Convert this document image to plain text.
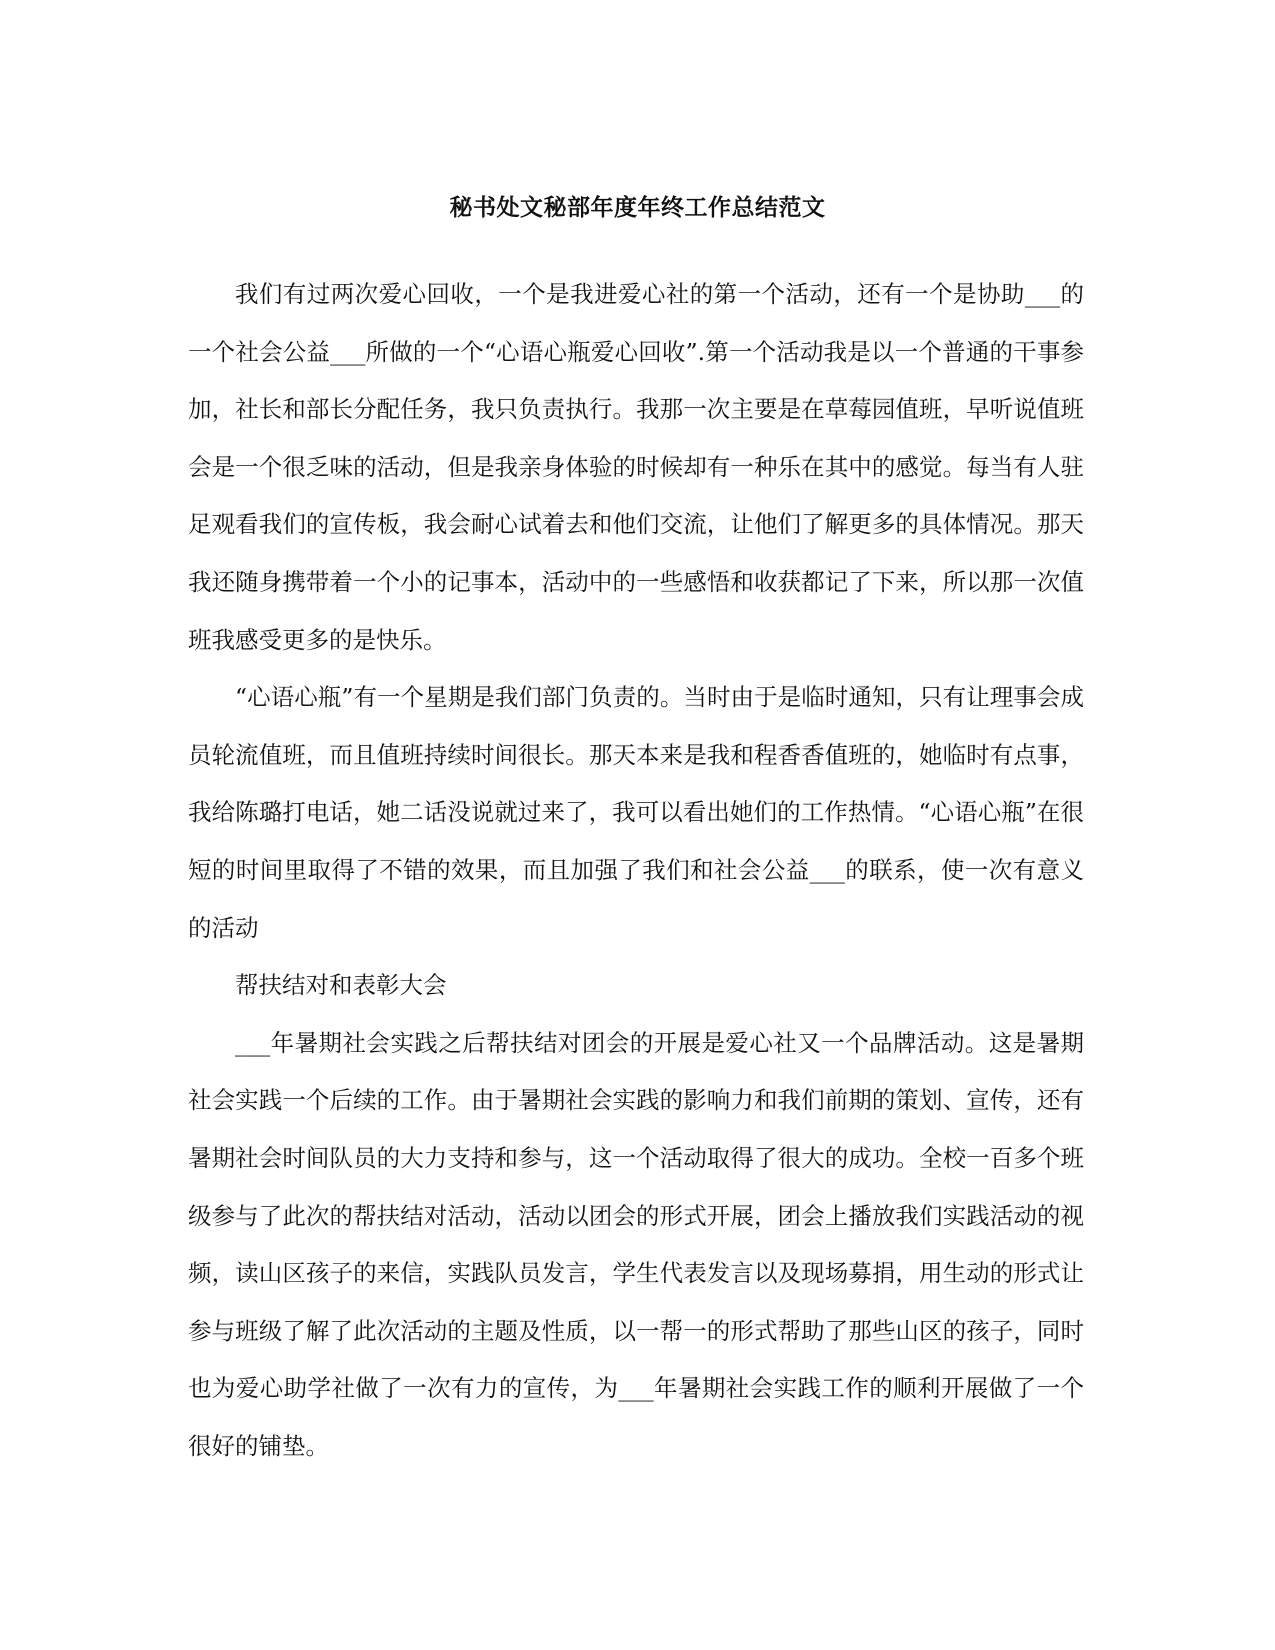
秘书处文秘部年度年终工作总结范文

我们有过两次爱心回收，一个是我进爱心社的第一个活动，还有一个是协助___的一个社会公益___所做的一个“心语心瓶爱心回收”.第一个活动我是以一个普通的干事参加，社长和部长分配任务，我只负责执行。我那一次主要是在草莓园值班，早听说值班会是一个很乏味的活动，但是我亲身体验的时候却有一种乐在其中的感觉。每当有人驻足观看我们的宣传板，我会耐心试着去和他们交流，让他们了解更多的具体情况。那天我还随身携带着一个小的记事本，活动中的一些感悟和收获都记了下来，所以那一次值班我感受更多的是快乐。

“心语心瓶”有一个星期是我们部门负责的。当时由于是临时通知，只有让理事会成员轮流值班，而且值班持续时间很长。那天本来是我和程香香值班的，她临时有点事，我给陈璐打电话，她二话没说就过来了，我可以看出她们的工作热情。“心语心瓶”在很短的时间里取得了不错的效果，而且加强了我们和社会公益___的联系，使一次有意义的活动

帮扶结对和表彰大会

___年暑期社会实践之后帮扶结对团会的开展是爱心社又一个品牌活动。这是暑期社会实践一个后续的工作。由于暑期社会实践的影响力和我们前期的策划、宣传，还有暑期社会时间队员的大力支持和参与，这一个活动取得了很大的成功。全校一百多个班级参与了此次的帮扶结对活动，活动以团会的形式开展，团会上播放我们实践活动的视频，读山区孩子的来信，实践队员发言，学生代表发言以及现场募捐，用生动的形式让参与班级了解了此次活动的主题及性质，以一帮一的形式帮助了那些山区的孩子，同时也为爱心助学社做了一次有力的宣传，为___年暑期社会实践工作的顺利开展做了一个很好的铺垫。
